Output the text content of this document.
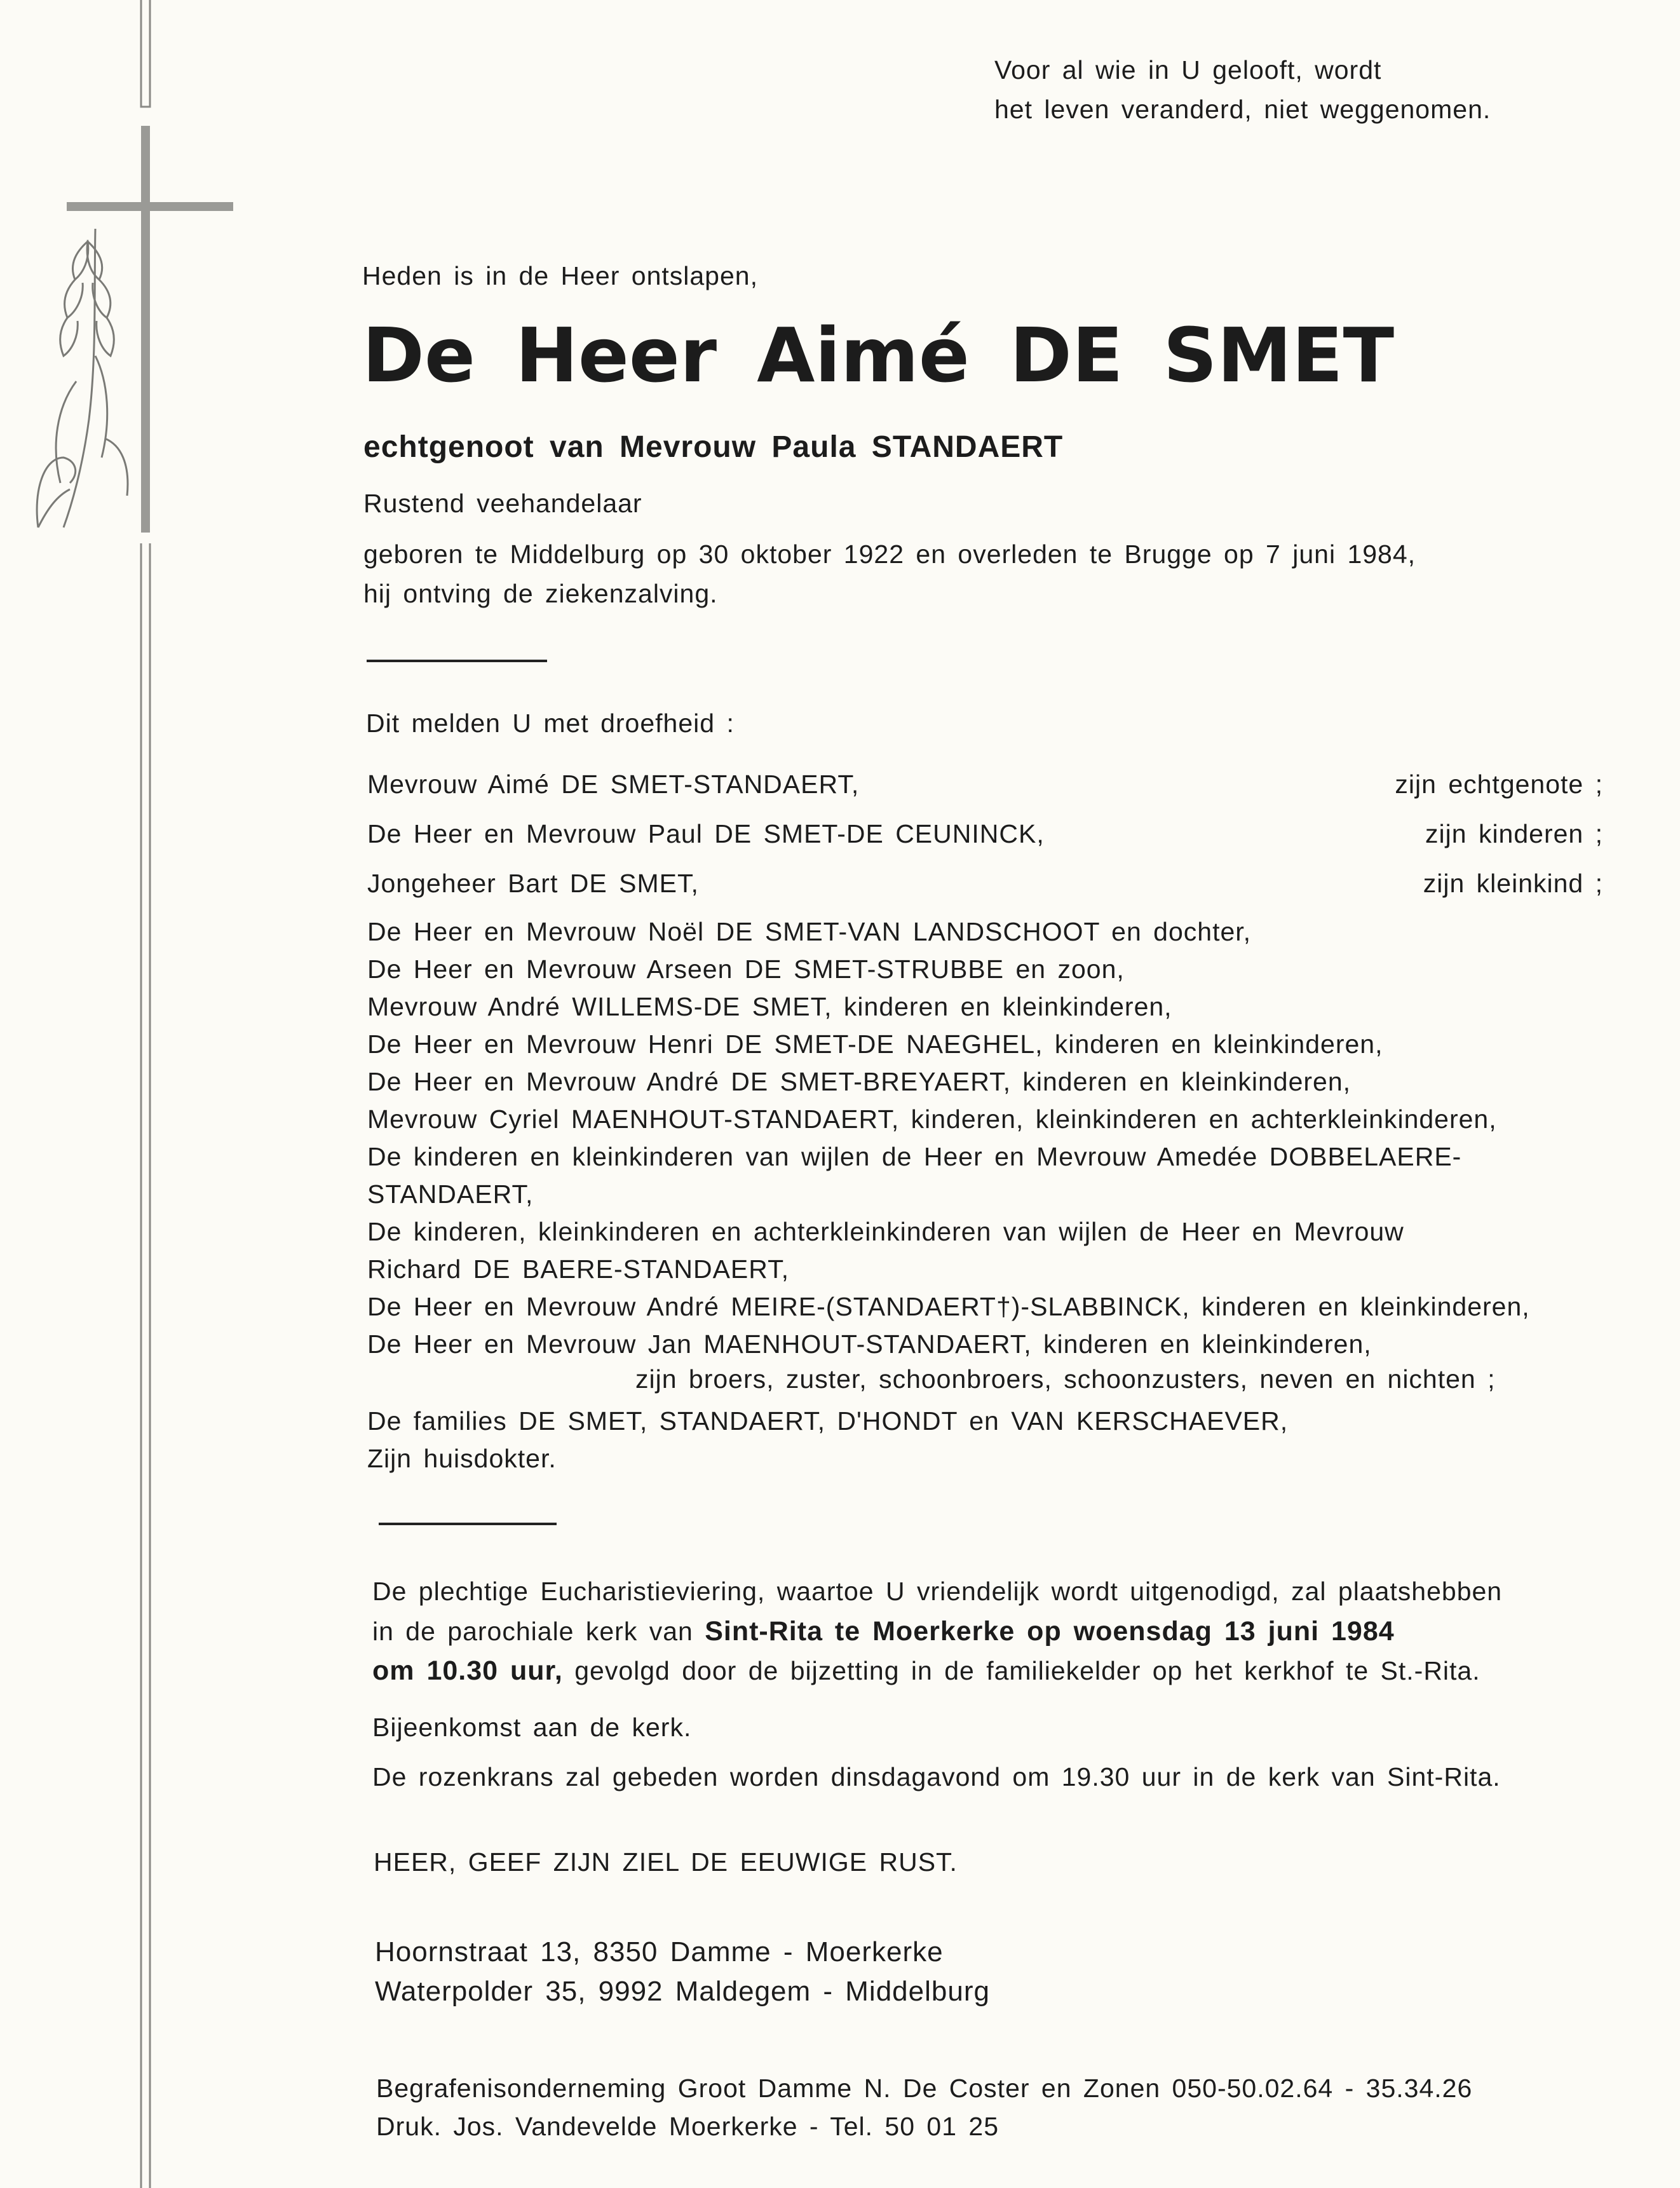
Voor al wie in U gelooft, wordt
het leven veranderd, niet weggenomen.
Heden is in de Heer ontslapen,
De Heer Aimé DE SMET
echtgenoot van Mevrouw Paula STANDAERT
Rustend veehandelaar
geboren te Middelburg op 30 oktober 1922 en overleden te Brugge op 7 juni 1984,
hij ontving de ziekenzalving.
Dit melden U met droefheid :
Mevrouw Aimé DE SMET-STANDAERT,	zijn echtgenote ;
De Heer en Mevrouw Paul DE SMET-DE CEUNINCK,	zijn kinderen ;
Jongeheer Bart DE SMET,	zijn kleinkind ;
De Heer en Mevrouw Noël DE SMET-VAN LANDSCHOOT en dochter,
De Heer en Mevrouw Arseen DE SMET-STRUBBE en zoon,
Mevrouw André WILLEMS-DE SMET, kinderen en kleinkinderen,
De Heer en Mevrouw Henri DE SMET-DE NAEGHEL, kinderen en kleinkinderen,
De Heer en Mevrouw André DE SMET-BREYAERT, kinderen en kleinkinderen,
Mevrouw Cyriel MAENHOUT-STANDAERT, kinderen, kleinkinderen en achterkleinkinderen,
De kinderen en kleinkinderen van wijlen de Heer en Mevrouw Amedée DOBBELAERE-
STANDAERT,
De kinderen, kleinkinderen en achterkleinkinderen van wijlen de Heer en Mevrouw
Richard DE BAERE-STANDAERT,
De Heer en Mevrouw André MEIRE-(STANDAERT†)-SLABBINCK, kinderen en kleinkinderen,
De Heer en Mevrouw Jan MAENHOUT-STANDAERT, kinderen en kleinkinderen,
zijn broers, zuster, schoonbroers, schoonzusters, neven en nichten ;
De families DE SMET, STANDAERT, D'HONDT en VAN KERSCHAEVER,
Zijn huisdokter.
De plechtige Eucharistieviering, waartoe U vriendelijk wordt uitgenodigd, zal plaatshebben
in de parochiale kerk van Sint-Rita te Moerkerke op woensdag 13 juni 1984
om 10.30 uur, gevolgd door de bijzetting in de familiekelder op het kerkhof te St.-Rita.
Bijeenkomst aan de kerk.
De rozenkrans zal gebeden worden dinsdagavond om 19.30 uur in de kerk van Sint-Rita.
HEER, GEEF ZIJN ZIEL DE EEUWIGE RUST.
Hoornstraat 13, 8350 Damme - Moerkerke
Waterpolder 35, 9992 Maldegem - Middelburg
Begrafenisonderneming Groot Damme N. De Coster en Zonen 050-50.02.64 - 35.34.26
Druk. Jos. Vandevelde Moerkerke - Tel. 50 01 25
